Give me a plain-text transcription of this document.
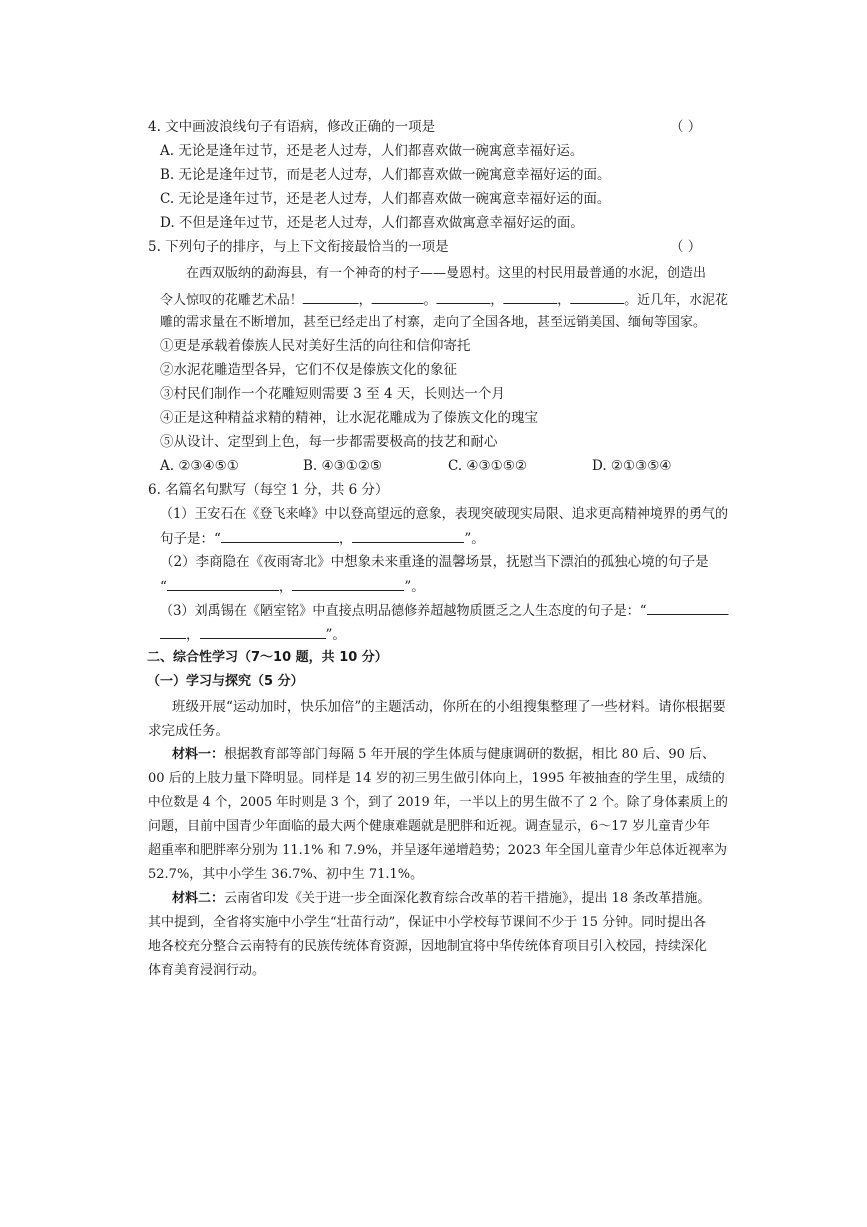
4. 文中画波浪线句子有语病，修改正确的一项是	（ ）
A. 无论是逢年过节，还是老人过寿，人们都喜欢做一碗寓意幸福好运。
B. 无论是逢年过节，而是老人过寿，人们都喜欢做一碗寓意幸福好运的面。
C. 无论是逢年过节，还是老人过寿，人们都喜欢做一碗寓意幸福好运的面。
D. 不但是逢年过节，还是老人过寿，人们都喜欢做寓意幸福好运的面。
5. 下列句子的排序，与上下文衔接最恰当的一项是	（ ）
在西双版纳的勐海县，有一个神奇的村子——曼恩村。这里的村民用最普通的水泥，创造出
令人惊叹的花雕艺术品！	，	。	，	，	。近几年，水泥花
雕的需求量在不断增加，甚至已经走出了村寨，走向了全国各地，甚至远销美国、缅甸等国家。
①更是承载着傣族人民对美好生活的向往和信仰寄托
②水泥花雕造型各异，它们不仅是傣族文化的象征
③村民们制作一个花雕短则需要 3 至 4 天，长则达一个月
④正是这种精益求精的精神，让水泥花雕成为了傣族文化的瑰宝
⑤从设计、定型到上色，每一步都需要极高的技艺和耐心
A. ②③④⑤①	B. ④③①②⑤	C. ④③①⑤②	D. ②①③⑤④
6. 名篇名句默写（每空 1 分，共 6 分）
（1）王安石在《登飞来峰》中以登高望远的意象，表现突破现实局限、追求更高精神境界的勇气的
句子是：“	，	”。
（2）李商隐在《夜雨寄北》中想象未来重逢的温馨场景，抚慰当下漂泊的孤独心境的句子是
“	，	”。
（3）刘禹锡在《陋室铭》中直接点明品德修养超越物质匮乏之人生态度的句子是：“
，	”。
二、综合性学习（7～10 题，共 10 分）
（一）学习与探究（5 分）
班级开展“运动加时，快乐加倍”的主题活动，你所在的小组搜集整理了一些材料。请你根据要
求完成任务。
材料一：根据教育部等部门每隔 5 年开展的学生体质与健康调研的数据，相比 80 后、90 后、
00 后的上肢力量下降明显。同样是 14 岁的初三男生做引体向上，1995 年被抽查的学生里，成绩的
中位数是 4 个，2005 年时则是 3 个，到了 2019 年，一半以上的男生做不了 2 个。除了身体素质上的
问题，目前中国青少年面临的最大两个健康难题就是肥胖和近视。调查显示，6～17 岁儿童青少年
超重率和肥胖率分别为 11.1% 和 7.9%，并呈逐年递增趋势；2023 年全国儿童青少年总体近视率为
52.7%，其中小学生 36.7%、初中生 71.1%。
材料二：云南省印发《关于进一步全面深化教育综合改革的若干措施》，提出 18 条改革措施。
其中提到，全省将实施中小学生“壮苗行动”，保证中小学校每节课间不少于 15 分钟。同时提出各
地各校充分整合云南特有的民族传统体育资源，因地制宜将中华传统体育项目引入校园，持续深化
体育美育浸润行动。
